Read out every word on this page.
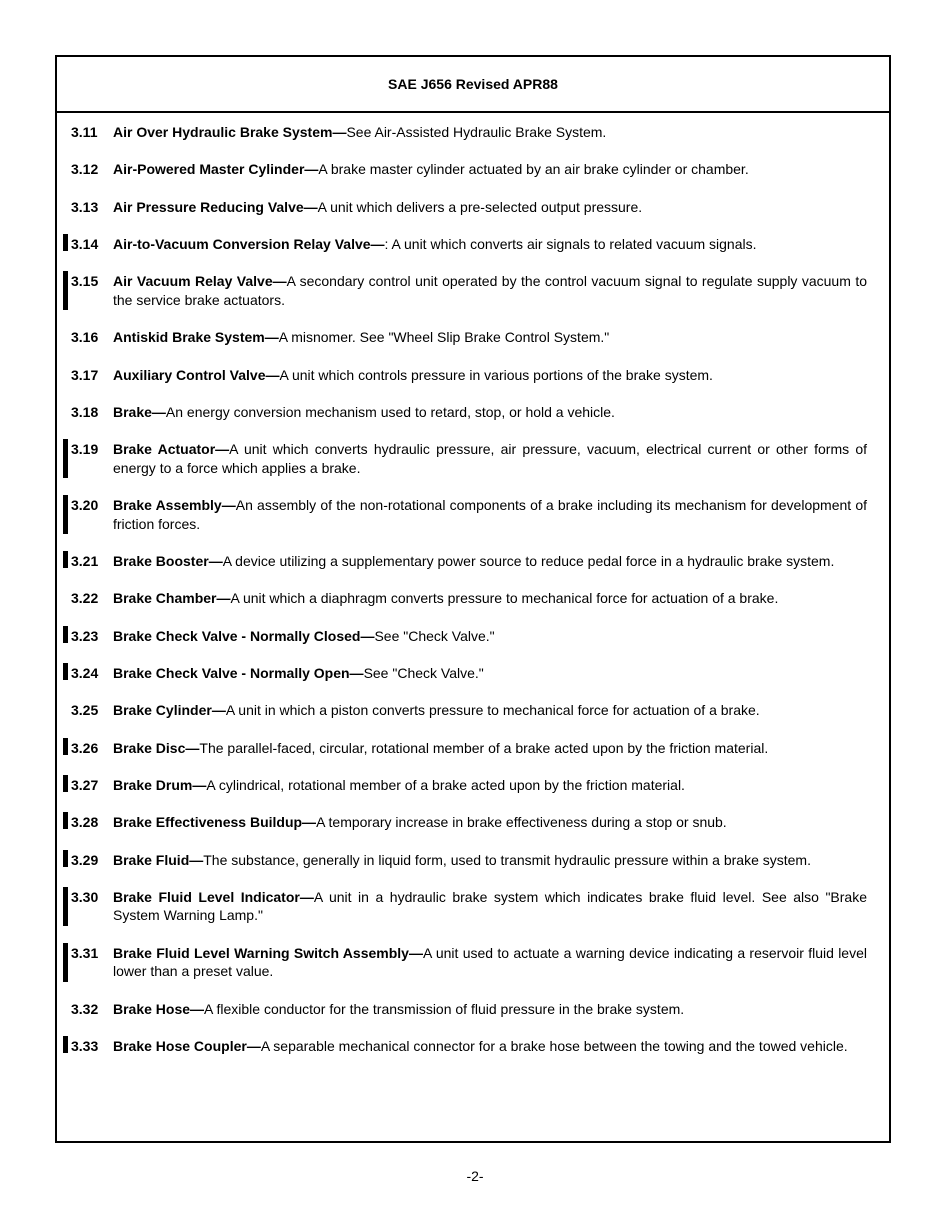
SAE J656 Revised APR88
3.11	Air Over Hydraulic Brake System—See Air-Assisted Hydraulic Brake System.
3.12	Air-Powered Master Cylinder—A brake master cylinder actuated by an air brake cylinder or chamber.
3.13	Air Pressure Reducing Valve—A unit which delivers a pre-selected output pressure.
3.14	Air-to-Vacuum Conversion Relay Valve—: A unit which converts air signals to related vacuum signals.
3.15	Air Vacuum Relay Valve—A secondary control unit operated by the control vacuum signal to regulate supply vacuum to the service brake actuators.
3.16	Antiskid Brake System—A misnomer. See "Wheel Slip Brake Control System."
3.17	Auxiliary Control Valve—A unit which controls pressure in various portions of the brake system.
3.18	Brake—An energy conversion mechanism used to retard, stop, or hold a vehicle.
3.19	Brake Actuator—A unit which converts hydraulic pressure, air pressure, vacuum, electrical current or other forms of energy to a force which applies a brake.
3.20	Brake Assembly—An assembly of the non-rotational components of a brake including its mechanism for development of friction forces.
3.21	Brake Booster—A device utilizing a supplementary power source to reduce pedal force in a hydraulic brake system.
3.22	Brake Chamber—A unit which a diaphragm converts pressure to mechanical force for actuation of a brake.
3.23	Brake Check Valve - Normally Closed—See "Check Valve."
3.24	Brake Check Valve - Normally Open—See "Check Valve."
3.25	Brake Cylinder—A unit in which a piston converts pressure to mechanical force for actuation of a brake.
3.26	Brake Disc—The parallel-faced, circular, rotational member of a brake acted upon by the friction material.
3.27	Brake Drum—A cylindrical, rotational member of a brake acted upon by the friction material.
3.28	Brake Effectiveness Buildup—A temporary increase in brake effectiveness during a stop or snub.
3.29	Brake Fluid—The substance, generally in liquid form, used to transmit hydraulic pressure within a brake system.
3.30	Brake Fluid Level Indicator—A unit in a hydraulic brake system which indicates brake fluid level. See also "Brake System Warning Lamp."
3.31	Brake Fluid Level Warning Switch Assembly—A unit used to actuate a warning device indicating a reservoir fluid level lower than a preset value.
3.32	Brake Hose—A flexible conductor for the transmission of fluid pressure in the brake system.
3.33	Brake Hose Coupler—A separable mechanical connector for a brake hose between the towing and the towed vehicle.
-2-
